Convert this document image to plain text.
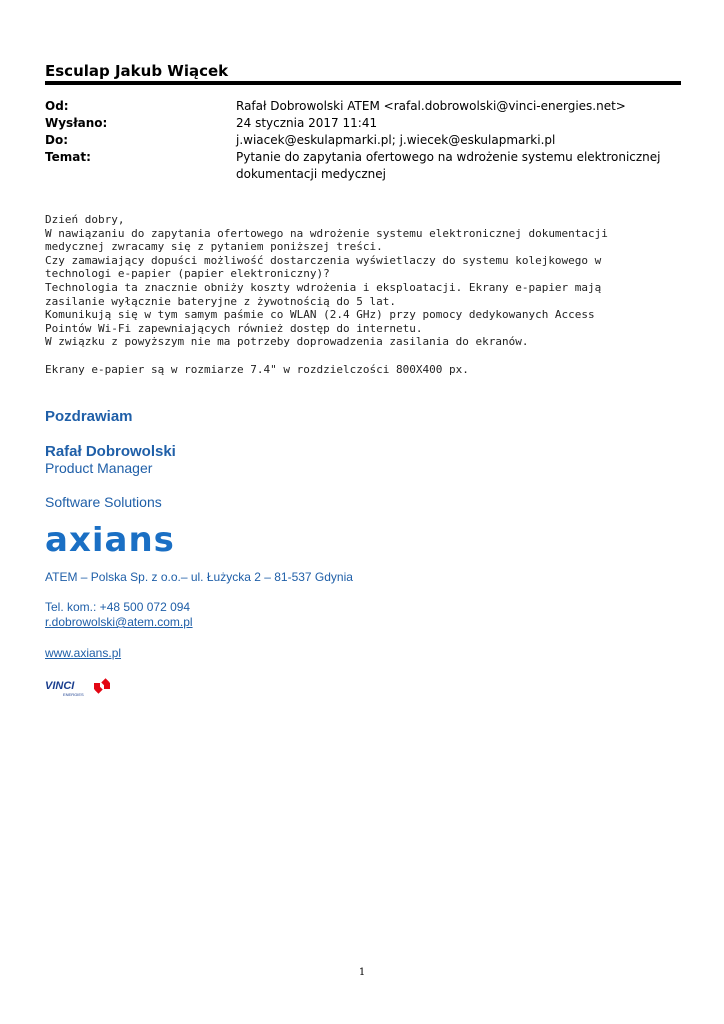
Esculap Jakub Wiącek
Od:	Rafał Dobrowolski ATEM <rafal.dobrowolski@vinci-energies.net>
Wysłano:	24 stycznia 2017 11:41
Do:	j.wiacek@eskulapmarki.pl; j.wiecek@eskulapmarki.pl
Temat:	Pytanie do zapytania ofertowego na wdrożenie systemu elektronicznej dokumentacji medycznej
Dzień dobry,
W nawiązaniu do zapytania ofertowego na wdrożenie systemu elektronicznej dokumentacji
medycznej zwracamy się z pytaniem poniższej treści.
Czy zamawiający dopuści możliwość dostarczenia wyświetlaczy do systemu kolejkowego w
technologi e-papier (papier elektroniczny)?
Technologia ta znacznie obniży koszty wdrożenia i eksploatacji. Ekrany e-papier mają
zasilanie wyłącznie bateryjne z żywotnością do 5 lat.
Komunikują się w tym samym paśmie co WLAN (2.4 GHz) przy pomocy dedykowanych Access
Pointów Wi-Fi zapewniających również dostęp do internetu.
W związku z powyższym nie ma potrzeby doprowadzenia zasilania do ekranów.

Ekrany e-papier są w rozmiarze 7.4" w rozdzielczości 800X400 px.
Pozdrawiam
Rafał Dobrowolski
Product Manager
Software Solutions
axians
ATEM – Polska Sp. z o.o.– ul. Łużycka 2 – 81-537 Gdynia
Tel. kom.: +48 500 072 094
r.dobrowolski@atem.com.pl
www.axians.pl
VINCI
ENERGIES
1
